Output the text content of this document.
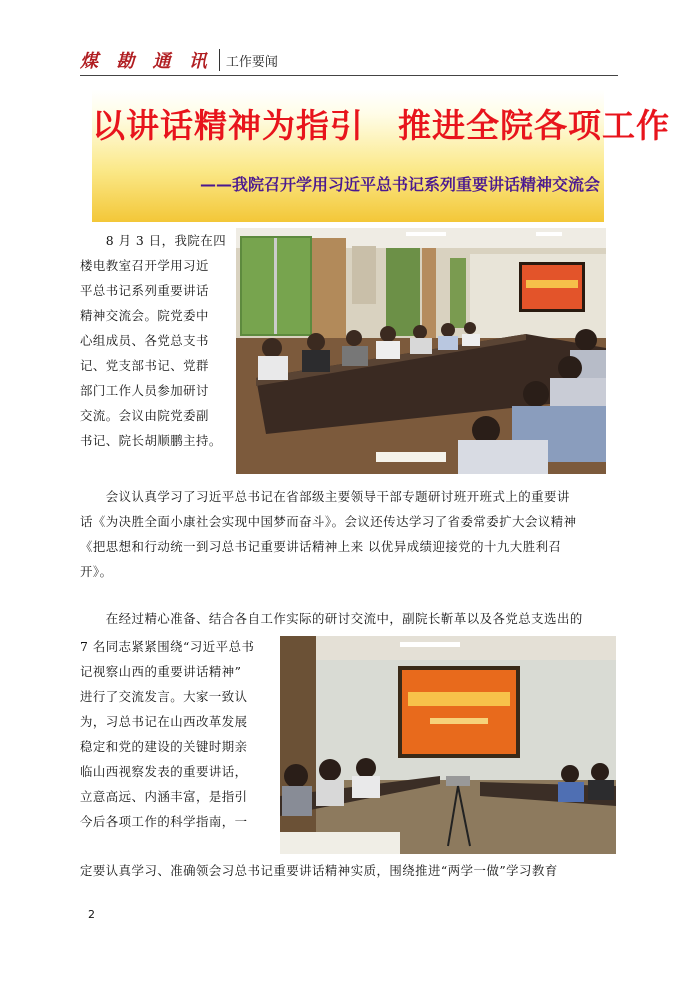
煤 勘 通 讯 工作要闻
以讲话精神为指引　推进全院各项工作
——我院召开学用习近平总书记系列重要讲话精神交流会
　　8 月 3 日，我院在四
楼电教室召开学用习近
平总书记系列重要讲话
精神交流会。院党委中
心组成员、各党总支书
记、党支部书记、党群
部门工作人员参加研讨
交流。会议由院党委副
书记、院长胡顺鹏主持。
　　会议认真学习了习近平总书记在省部级主要领导干部专题研讨班开班式上的重要讲
话《为决胜全面小康社会实现中国梦而奋斗》。会议还传达学习了省委常委扩大会议精神
《把思想和行动统一到习总书记重要讲话精神上来 以优异成绩迎接党的十九大胜利召
开》。
　　在经过精心准备、结合各自工作实际的研讨交流中，副院长靳革以及各党总支选出的
7 名同志紧紧围绕“习近平总书
记视察山西的重要讲话精神”
进行了交流发言。大家一致认
为，习总书记在山西改革发展
稳定和党的建设的关键时期亲
临山西视察发表的重要讲话，
立意高远、内涵丰富，是指引
今后各项工作的科学指南，一
定要认真学习、准确领会习总书记重要讲话精神实质，围绕推进“两学一做”学习教育
2
